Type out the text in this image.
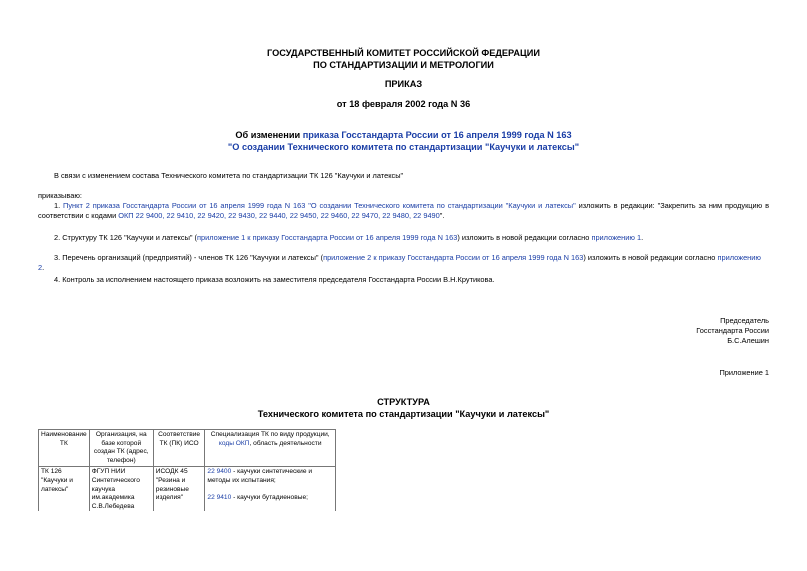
ГОСУДАРСТВЕННЫЙ КОМИТЕТ РОССИЙСКОЙ ФЕДЕРАЦИИ
ПО СТАНДАРТИЗАЦИИ И МЕТРОЛОГИИ
ПРИКАЗ
от 18 февраля 2002 года N 36
Об изменении приказа Госстандарта России от 16 апреля 1999 года N 163
"О создании Технического комитета по стандартизации "Каучуки и латексы"
В связи с изменением состава Технического комитета по стандартизации ТК 126 "Каучуки и латексы"
приказываю:
1. Пункт 2 приказа Госстандарта России от 16 апреля 1999 года N 163 "О создании Технического комитета по стандартизации "Каучуки и латексы" изложить в редакции: "Закрепить за ним продукцию в соответствии с кодами ОКП 22 9400, 22 9410, 22 9420, 22 9430, 22 9440, 22 9450, 22 9460, 22 9470, 22 9480, 22 9490".
2. Структуру ТК 126 "Каучуки и латексы" (приложение 1 к приказу Госстандарта России от 16 апреля 1999 года N 163) изложить в новой редакции согласно приложению 1.
3. Перечень организаций (предприятий) - членов ТК 126 "Каучуки и латексы" (приложение 2 к приказу Госстандарта России от 16 апреля 1999 года N 163) изложить в новой редакции согласно приложению 2.
4. Контроль за исполнением настоящего приказа возложить на заместителя председателя Госстандарта России В.Н.Крутикова.
Председатель
Госстандарта России
Б.С.Алешин
Приложение 1
СТРУКТУРА
Технического комитета по стандартизации "Каучуки и латексы"
Наименование ТК	Организация, на базе которой создан ТК (адрес, телефон)	Соответствие ТК (ПК) ИСО	Специализация ТК по виду продукции, коды ОКП, область деятельности
ТК 126 "Каучуки и латексы"	ФГУП НИИ Синтетического каучука им.академика С.В.Лебедева	ИСОДК 45 "Резина и резиновые изделия"	22 9400 - каучуки синтетические и методы их испытания;
22 9410 - каучуки бутадиеновые;
